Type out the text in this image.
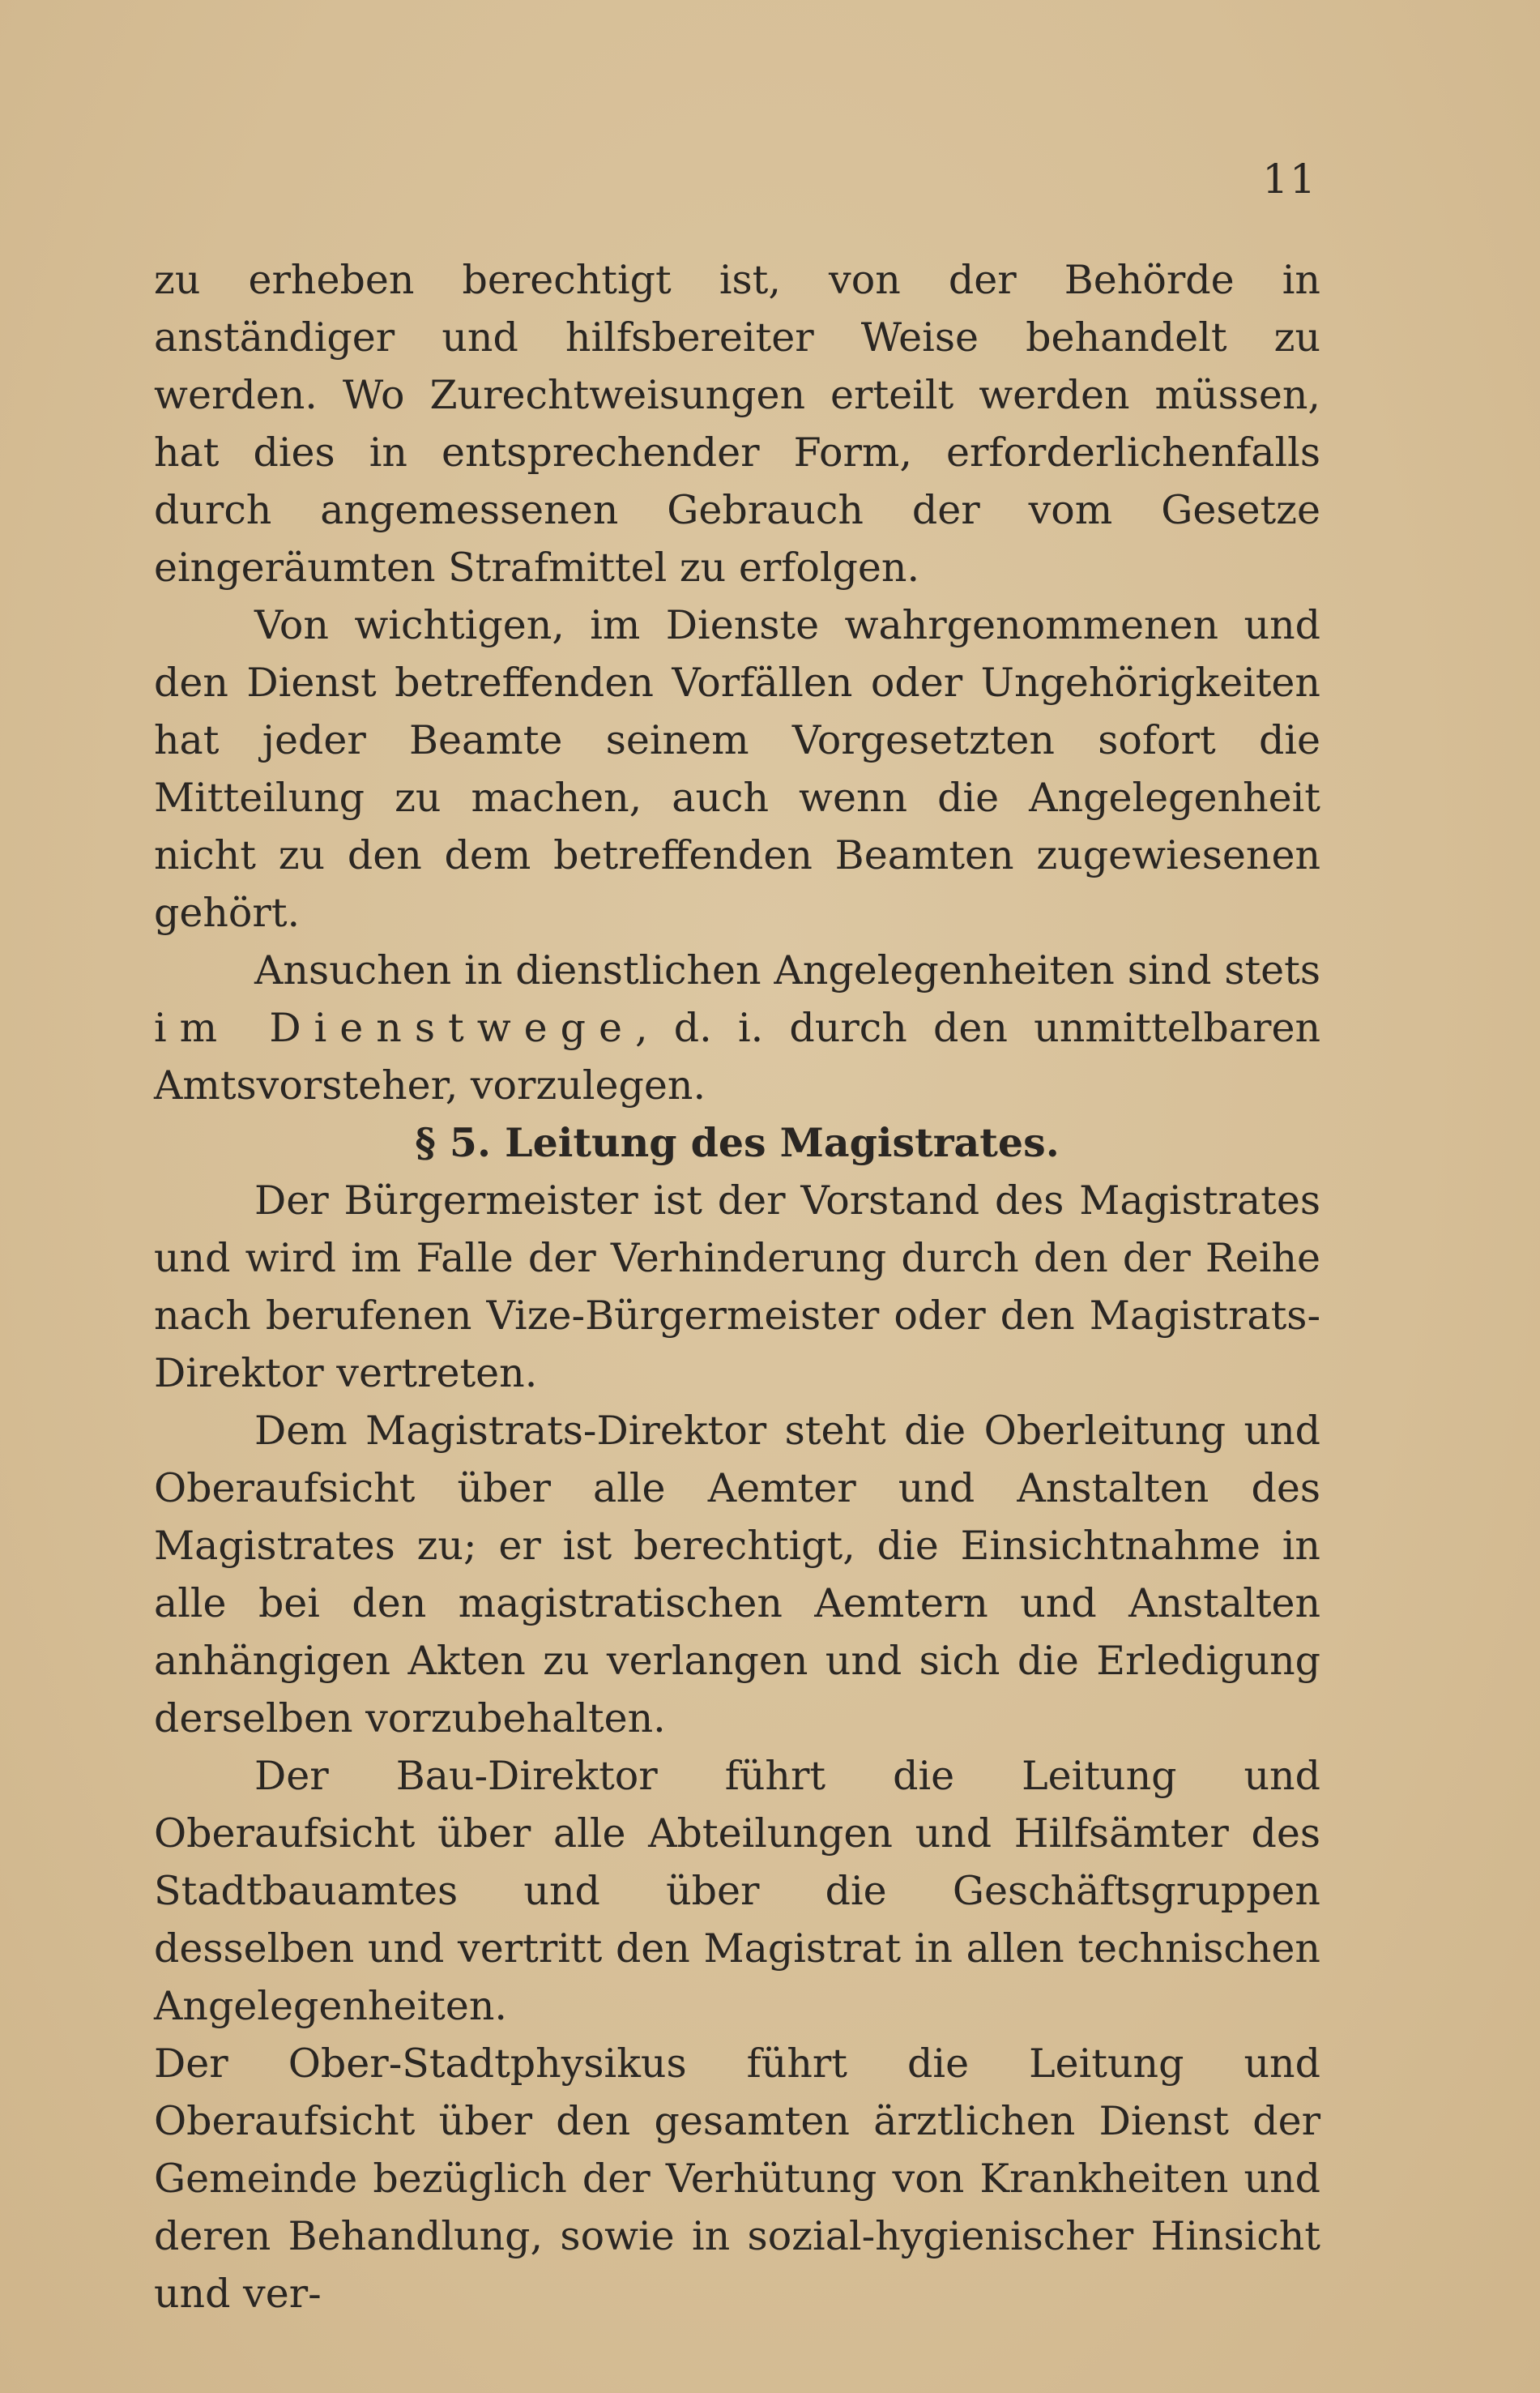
11

zu erheben berechtigt ist, von der Behörde in anständiger und hilfsbereiter Weise behandelt zu werden. Wo Zurechtweisungen erteilt werden müssen, hat dies in entsprechender Form, erforderlichenfalls durch angemessenen Gebrauch der vom Gesetze eingeräumten Strafmittel zu erfolgen.

Von wichtigen, im Dienste wahrgenommenen und den Dienst betreffenden Vorfällen oder Ungehörigkeiten hat jeder Beamte seinem Vorgesetzten sofort die Mitteilung zu machen, auch wenn die Angelegenheit nicht zu den dem betreffenden Beamten zugewiesenen gehört.

Ansuchen in dienstlichen Angelegenheiten sind stets im Dienstwege, d. i. durch den unmittelbaren Amtsvorsteher, vorzulegen.

§ 5. Leitung des Magistrates.

Der Bürgermeister ist der Vorstand des Magistrates und wird im Falle der Verhinderung durch den der Reihe nach berufenen Vize-Bürgermeister oder den Magistrats-Direktor vertreten.

Dem Magistrats-Direktor steht die Oberleitung und Oberaufsicht über alle Aemter und Anstalten des Magistrates zu; er ist berechtigt, die Einsichtnahme in alle bei den magistratischen Aemtern und Anstalten anhängigen Akten zu verlangen und sich die Erledigung derselben vorzubehalten.

Der Bau-Direktor führt die Leitung und Oberaufsicht über alle Abteilungen und Hilfsämter des Stadtbauamtes und über die Geschäftsgruppen desselben und vertritt den Magistrat in allen technischen Angelegenheiten.

Der Ober-Stadtphysikus führt die Leitung und Oberaufsicht über den gesamten ärztlichen Dienst der Gemeinde bezüglich der Verhütung von Krankheiten und deren Behandlung, sowie in sozial-hygienischer Hinsicht und ver-
